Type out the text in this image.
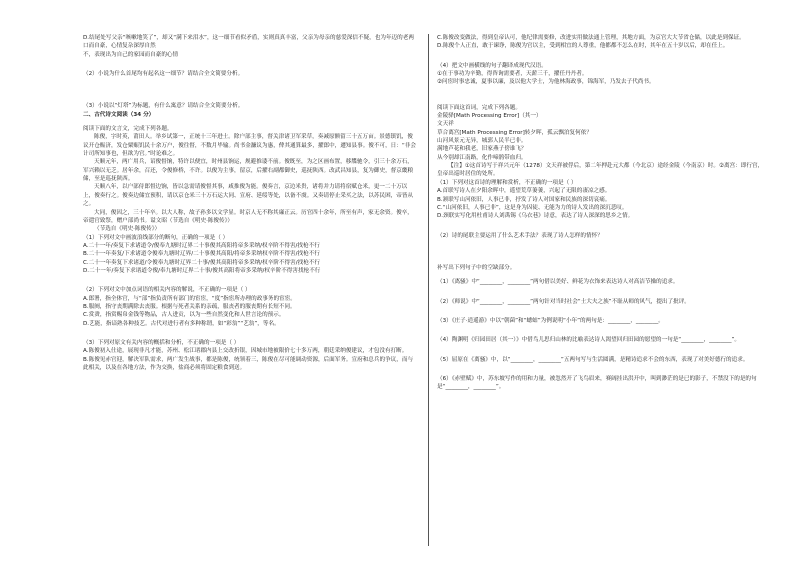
D.结尾处写父亲“咳嗽地笑了”，却又“满下来泪水”，这一细节看似矛盾，实则真真丰富，父亲为母亲的慈爱深信不疑，也为年迈的老两口而自豪，心情复杂深厚自然

不，表现出为自己的家园而自豪的心情

（2）小说为什么首尾均有起名这一细节？请结合全文简要分析。

（3）小说以“灯塔”为标题，有什么寓意？请结合全文简要分析。

二、古代诗文阅读（34 分）

阅读下面的文言文，完成下列各题。

陈俊，字时英，莆田人。举乡试第一，正统十三年进士。除户部主事，督关津诸卫军采草，奏减原额留三十五万亩。景德镇饥，俊议开仓赈济，发仓粟赈饥民十余万户，俊往督，不数月毕输。尚书金濂议为惠，俾其通算最多，擢郎中，遷知县事。俊不可，日：“非会计司所知事也，但欲为官。”时论难之。

天顺元年，两广用兵，诏俊督饷，特许以便宜，时州县饷运，规避推诿不前。俊既至，为之区画布置，移牒驰令，引三十余万石，军兴赖以无乏。居年余，召还，令俊修桥，不许。以俊为主事，留京，后擢右副都御史，巡抚陕西。改武昌知县，复为御史，督京畿粮储，至是巡抚陕西。

天顺八年，以户部侍郎督边饷，皆以急需请俊督其事，咸推俊为能。俊奏言，京边米贵，诸将并力请将宿赋仓米，更一二十万以上，俊奏行之。俊奏边储宜预积，请以京仓米三十万石运大同、宣府、延绥等处，以备不虞。又奏请停止采买之法，以苏民困，帝皆从之。

大同，俊因之，三十年卒。以大人称，故子孙多以文学显。时京人无不称其廉正云。历官四十余年，所至有声，家无余资。俊卒，帝遣官致祭，赠户部尚书。谥文昭（节选自《明史·陈俊传》）

（节选自《明史·陈俊传》）

（1）下列对文中画波浪线部分的断句，正确的一项是（ ）

A.二十一年/奏复下求诸道令/俊奉九塘时辽界二十事俊其高阳将帝多采纳/权辛阶不得害/找枪不行

B.二十一年奏复/下求诸道令俊奉九塘时辽界/二十事俊其高阳/将帝多采纳权辛阶不得害/找枪不行

C.二十一年奏复下求诸道/令俊奉九塘时辽界二十事/俊其高阳将帝多采纳/权辛阶不得害/找枪不行

D.二十一年/奏复下求诸道令俊/奉九塘时辽界二十事/俊其高阳将帝多采纳/权辛阶不得害找枪不行

（2）下列对文中加点词语的相关内容的解说，不正确的一项是（ ）

A.郎署，指全体官，与“部”指负责所有部门的宦宦，“度”指宦所办理的政事务的宦宦。

B.服阕，指守丧期满除去丧服。根据与死者关系的亲疏，服丧者的服丧期有长短不同。

C.赏赉，指赏赐帛金钱等物品，古人进贡，以为一些自然变化和人世言论的预示。

D.艺能，指谙熟各种技艺。古代对进行者有多种称谓，如“彩翁”“艺翁”，等名。

（3）下列对原文有关内容的概括和分析，不正确的一项是（ ）

A.陈俊初入仕途，展现非凡才能，苏州、松江诸郡内县上交改折银，因城市地被限价七十多万两，朝廷采纳俊建议，才包没有打断。

B.陈俊见赤官迎，解决军队需求，两广发生战事，都是陈俊，统领着三，陈俊在尽可能调动资源，后面军务。宣府和总兵的争议，而与此相关，以及在各地方法，作为交换，盐商必须将固定粮食到送。

C.陈俊改变做法，得到皇帝认可，他纪律需要修，改进实用做法通上管理，其地方面，为京官大大节省仓储，以此是到保证。

D.陈俊个人正直，敢于谏诤，陈俊为官以主，受到相宜的人尊重，他都都不怎么在时，其年在五十岁以后，却在任上。

（4）把文中画横线的句子翻译成现代汉语。

①在于事功为辛勤，得咨询需要者，天薪三千，擢任丹丹者。

②问宦时事忠诚，夏事以廉，及以他大学士，为他林海政事，锦海军，乃发去子代尚书。

阅读下面这首词，完成下列各题。

金陵驿[Math Processing Error]（其一）

文天祥

草合离宫[Math Processing Error]转夕晖，孤云飘泊复何依？

山河风景元无异，城郭人民半已非。

满地芦花和我老，旧家燕子傍谁飞？

从今别却江南路，化作啼鹃带血归。

【注】①这首诗写于祥兴元年（1278）文天祥被俘后，第二年押赴元大都（今北京）途经金陵（今南京）时。②离宫：即行宫，皇帝出巡时居住的处所。

（1）下列对这首诗的理解和赏析，不正确的一项是（ ）

A.首联写诗人在夕阳余晖中，遥望荒草萋萋，兴起了无限的凄凉之感。

B.颔联写山河依旧，人事已非，抒发了诗人对国家和民族的深切哀痛。

C.“山河依旧，人事已非”，这是身为囚徒、无能为力的诗人发出的深沉悲叹。

D.颈联实写化用杜甫诗人刘禹锡《乌衣巷》诗意，表达了诗人深深的思乡之情。

（2）诗的尾联主要运用了什么艺术手法？表现了诗人怎样的情怀？

补写出下列句子中的空缺部分。

（1）《离骚》中“________，________”两句借以美好、鲜花为衣饰来表达诗人对高洁节操的追求。

（2）《师说》中“________，________”两句针对当时社会“士大夫之族”不耻从师的风气，提出了批评。

（3）《庄子·逍遥游》中以“朝菌”和“蟪蛄”为例说明“小年”的两句是：________，________。

（4）陶渊明《归园田居（其一）》中借鸟儿思归山林的比喻表达诗人渴望回归田园的愿望的一句是“________，________”。

（5）屈原在《离骚》中，以“________，________”五两句写与生活圆满，是精诗追求不会的东西，表现了对美好德行的追求。

（6）《赤壁赋》中，苏东坡写作的用和力量，被忽然开了飞鸟眉来，赛阔挂出洪开中，叫到渺茫的是已的影子，不禁没下的是的句是“________，________”。
